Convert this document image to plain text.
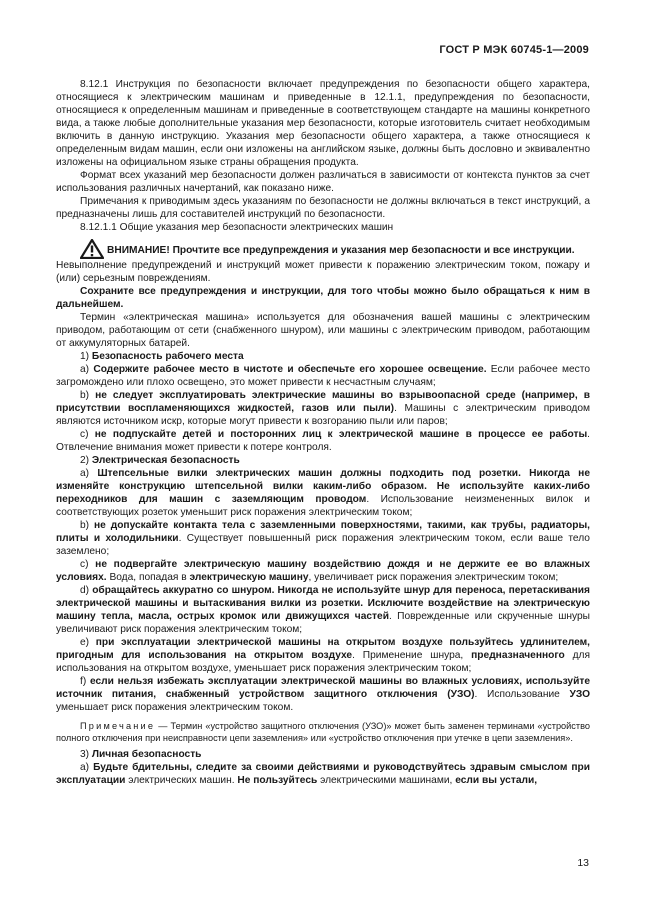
ГОСТ Р МЭК 60745-1—2009

8.12.1 Инструкция по безопасности включает предупреждения по безопасности общего характера, относящиеся к электрическим машинам и приведенные в 12.1.1, предупреждения по безопасности, относящиеся к определенным машинам и приведенные в соответствующем стандарте на машины конкретного вида, а также любые дополнительные указания мер безопасности, которые изготовитель считает необходимым включить в данную инструкцию. Указания мер безопасности общего характера, а также относящиеся к определенным видам машин, если они изложены на английском языке, должны быть дословно и эквивалентно изложены на официальном языке страны обращения продукта.

Формат всех указаний мер безопасности должен различаться в зависимости от контекста пунктов за счет использования различных начертаний, как показано ниже.

Примечания к приводимым здесь указаниям по безопасности не должны включаться в текст инструкций, а предназначены лишь для составителей инструкций по безопасности.

8.12.1.1 Общие указания мер безопасности электрических машин

ВНИМАНИЕ! Прочтите все предупреждения и указания мер безопасности и все инструкции.

Невыполнение предупреждений и инструкций может привести к поражению электрическим током, пожару и (или) серьезным повреждениям.

Сохраните все предупреждения и инструкции, для того чтобы можно было обращаться к ним в дальнейшем.

Термин «электрическая машина» используется для обозначения вашей машины с электрическим приводом, работающим от сети (снабженного шнуром), или машины с электрическим приводом, работающим от аккумуляторных батарей.

1) Безопасность рабочего места

a) Содержите рабочее место в чистоте и обеспечьте его хорошее освещение. Если рабочее место загромождено или плохо освещено, это может привести к несчастным случаям;

b) не следует эксплуатировать электрические машины во взрывоопасной среде (например, в присутствии воспламеняющихся жидкостей, газов или пыли). Машины с электрическим приводом являются источником искр, которые могут привести к возгоранию пыли или паров;

c) не подпускайте детей и посторонних лиц к электрической машине в процессе ее работы. Отвлечение внимания может привести к потере контроля.

2) Электрическая безопасность

a) Штепсельные вилки электрических машин должны подходить под розетки. Никогда не изменяйте конструкцию штепсельной вилки каким-либо образом. Не используйте каких-либо переходников для машин с заземляющим проводом. Использование неизмененных вилок и соответствующих розеток уменьшит риск поражения электрическим током;

b) не допускайте контакта тела с заземленными поверхностями, такими, как трубы, радиаторы, плиты и холодильники. Существует повышенный риск поражения электрическим током, если ваше тело заземлено;

c) не подвергайте электрическую машину воздействию дождя и не держите ее во влажных условиях. Вода, попадая в электрическую машину, увеличивает риск поражения электрическим током;

d) обращайтесь аккуратно со шнуром. Никогда не используйте шнур для переноса, перетаскивания электрической машины и вытаскивания вилки из розетки. Исключите воздействие на электрическую машину тепла, масла, острых кромок или движущихся частей. Поврежденные или скрученные шнуры увеличивают риск поражения электрическим током;

e) при эксплуатации электрической машины на открытом воздухе пользуйтесь удлинителем, пригодным для использования на открытом воздухе. Применение шнура, предназначенного для использования на открытом воздухе, уменьшает риск поражения электрическим током;

f) если нельзя избежать эксплуатации электрической машины во влажных условиях, используйте источник питания, снабженный устройством защитного отключения (УЗО). Использование УЗО уменьшает риск поражения электрическим током.

Примечание — Термин «устройство защитного отключения (УЗО)» может быть заменен терминами «устройство полного отключения при неисправности цепи заземления» или «устройство отключения при утечке в цепи заземления».

3) Личная безопасность

a) Будьте бдительны, следите за своими действиями и руководствуйтесь здравым смыслом при эксплуатации электрических машин. Не пользуйтесь электрическими машинами, если вы устали,

13
